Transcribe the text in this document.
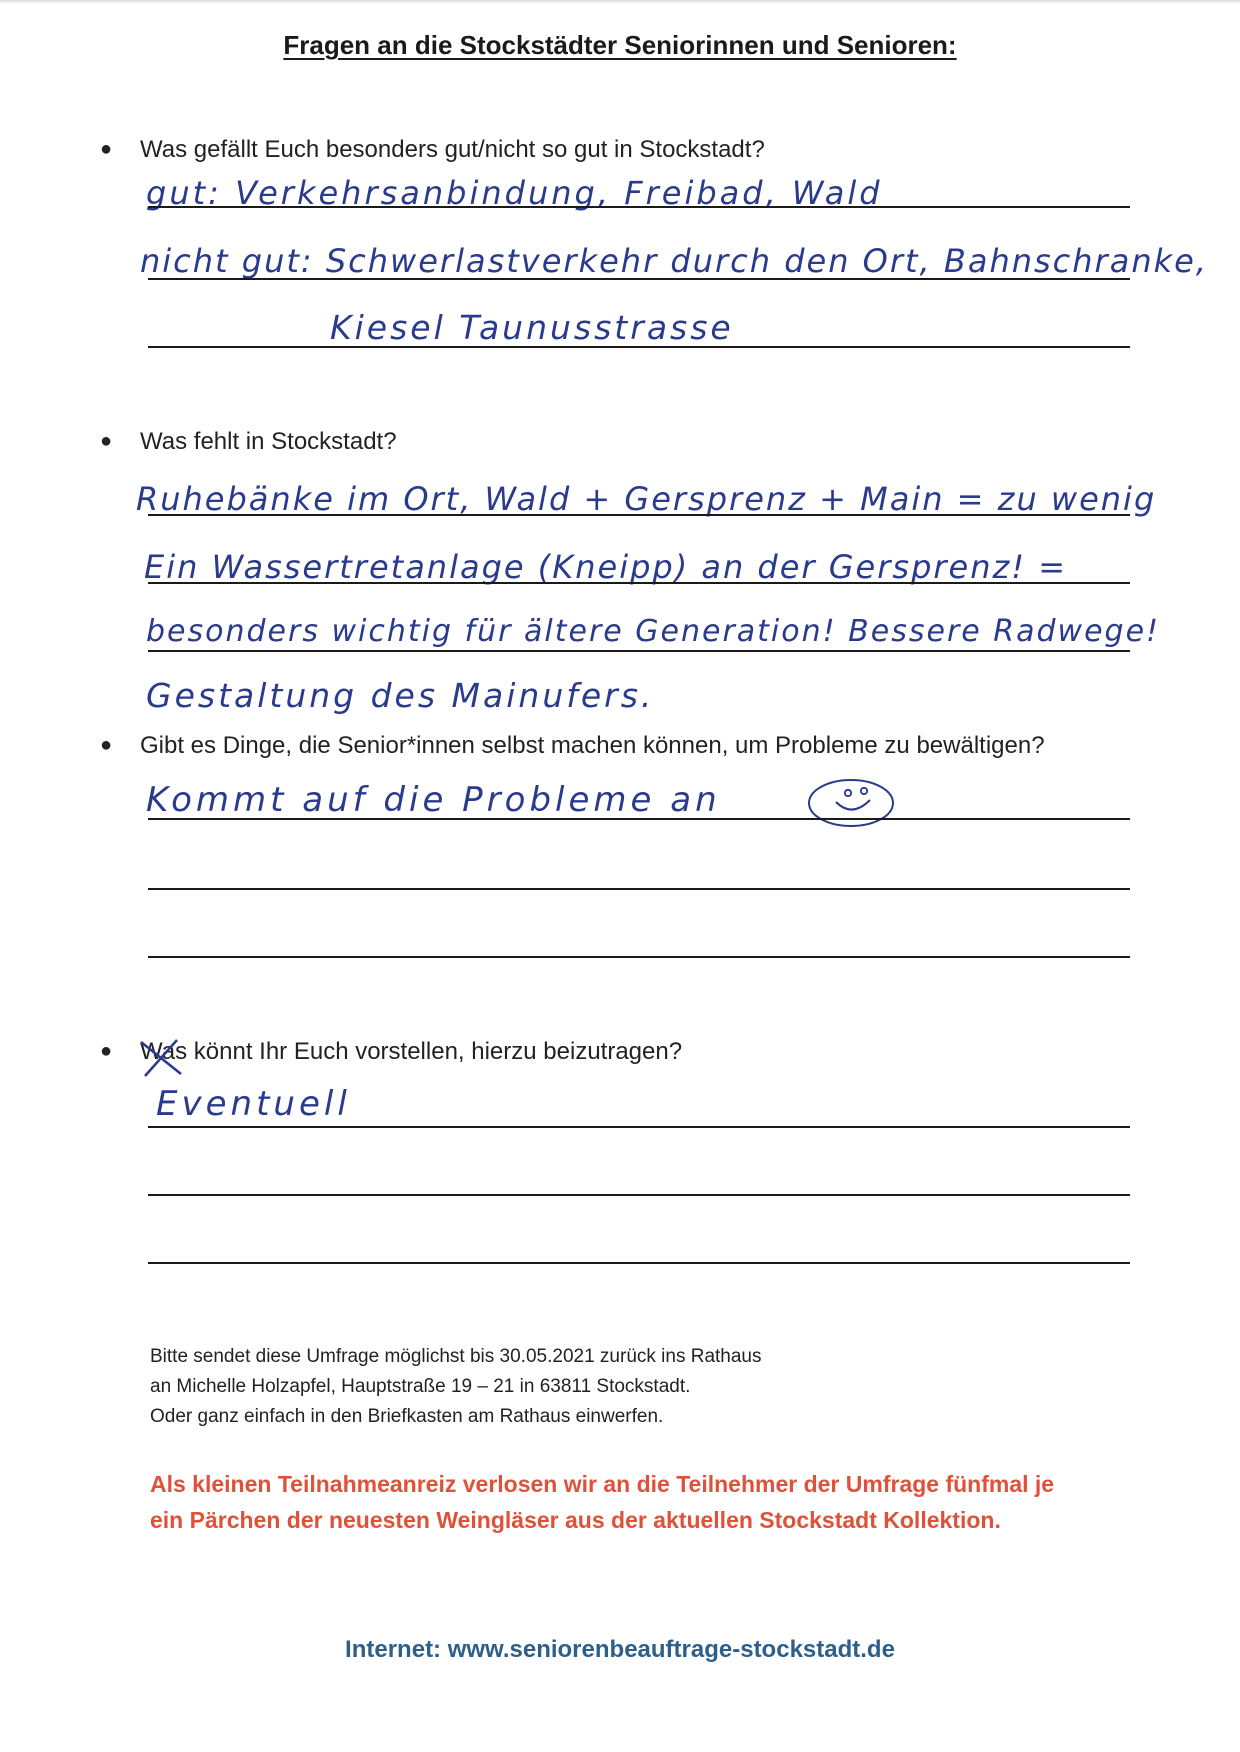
Fragen an die Stockstädter Seniorinnen und Senioren:
● Was gefällt Euch besonders gut/nicht so gut in Stockstadt?
gut: Verkehrsanbindung, Freibad, Wald
nicht gut: Schwerlastverkehr durch den Ort, Bahnschranke,
Kiesel Taunusstrasse
● Was fehlt in Stockstadt?
Ruhebänke im Ort, Wald + Gersprenz + Main = zu wenig
Ein Wassertretanlage (Kneipp) an der Gersprenz! =
besonders wichtig für ältere Generation! Bessere Radwege!
Gestaltung des Mainufers.
● Gibt es Dinge, die Senior*innen selbst machen können, um Probleme zu bewältigen?
Kommt auf die Probleme an
● Was könnt Ihr Euch vorstellen, hierzu beizutragen?
Eventuell
Bitte sendet diese Umfrage möglichst bis 30.05.2021 zurück ins Rathaus
an Michelle Holzapfel, Hauptstraße 19 – 21 in 63811 Stockstadt.
Oder ganz einfach in den Briefkasten am Rathaus einwerfen.
Als kleinen Teilnahmeanreiz verlosen wir an die Teilnehmer der Umfrage fünfmal je
ein Pärchen der neuesten Weingläser aus der aktuellen Stockstadt Kollektion.
Internet: www.seniorenbeauftrage-stockstadt.de
